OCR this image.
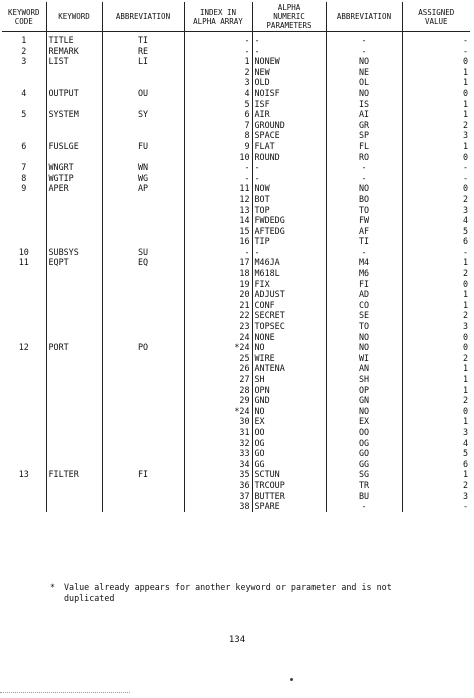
KEYWORD
CODE	KEYWORD	ABBREVIATION	INDEX IN
ALPHA ARRAY	ALPHA
NUMERIC
PARAMETERS	ABBREVIATION	ASSIGNED
VALUE
1	TITLE	TI	-	-	-	-
2	REMARK	RE	-	-	-	-
3	LIST	LI	1	NONEW	NO	0
			2	NEW	NE	1
			3	OLD	OL	1
4	OUTPUT	OU	4	NOISF	NO	0
			5	ISF	IS	1
5	SYSTEM	SY	6	AIR	AI	1
			7	GROUND	GR	2
			8	SPACE	SP	3
6	FUSLGE	FU	9	FLAT	FL	1
			10	ROUND	RO	0
7	WNGRT	WN	-	-	-	-
8	WGTIP	WG	-	-	-	-
9	APER	AP	11	NOW	NO	0
			12	BOT	BO	2
			13	TOP	TO	3
			14	FWDEDG	FW	4
			15	AFTEDG	AF	5
			16	TIP	TI	6
10	SUBSYS	SU	-	-	-	-
11	EQPT	EQ	17	M46JA	M4	1
			18	M618L	M6	2
			19	FIX	FI	0
			20	ADJUST	AD	1
			21	CONF	CO	1
			22	SECRET	SE	2
			23	TOPSEC	TO	3
			24	NONE	NO	0
12	PORT	PO	*24	NO	NO	0
			25	WIRE	WI	2
			26	ANTENA	AN	1
			27	SH	SH	1
			28	OPN	OP	1
			29	GND	GN	2
			*24	NO	NO	0
			30	EX	EX	1
			31	OO	OO	3
			32	OG	OG	4
			33	GO	GO	5
			34	GG	GG	6
13	FILTER	FI	35	SCTUN	SG	1
			36	TRCOUP	TR	2
			37	BUTTER	BU	3
			38	SPARE	-	-
* Value already appears for another keyword or parameter and is not
duplicated
134
